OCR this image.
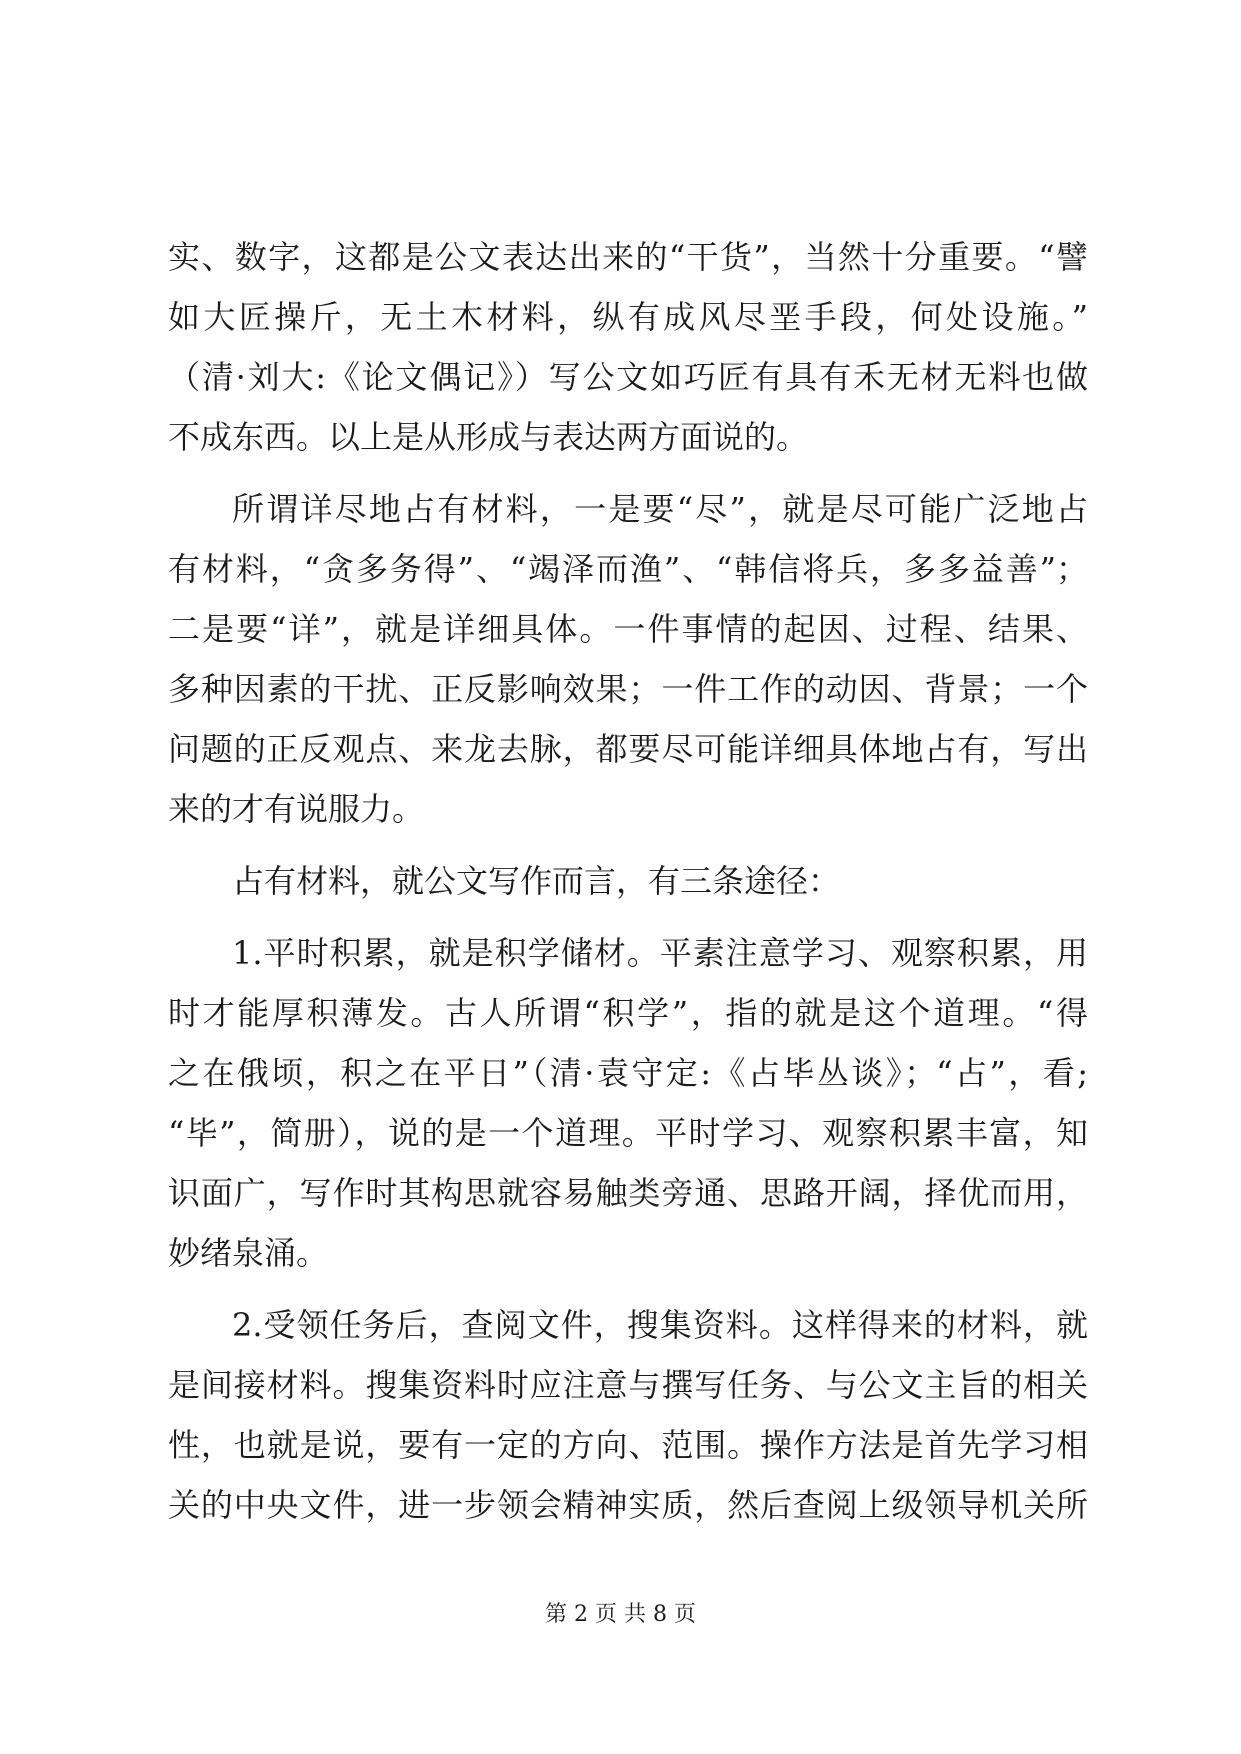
实、数字，这都是公文表达出来的“干货”，当然十分重要。“譬
如大匠操斤，无土木材料，纵有成风尽垩手段，何处设施。”
（清·刘大:《论文偶记》）写公文如巧匠有具有禾无材无料也做
不成东西。以上是从形成与表达两方面说的。
所谓详尽地占有材料，一是要“尽”，就是尽可能广泛地占
有材料，“贪多务得”、“竭泽而渔”、“韩信将兵，多多益善”；
二是要“详”，就是详细具体。一件事情的起因、过程、结果、
多种因素的干扰、正反影响效果；一件工作的动因、背景；一个
问题的正反观点、来龙去脉，都要尽可能详细具体地占有，写出
来的才有说服力。
占有材料，就公文写作而言，有三条途径：
1.平时积累，就是积学储材。平素注意学习、观察积累，用
时才能厚积薄发。古人所谓“积学”，指的就是这个道理。“得
之在俄顷，积之在平日”（清·袁守定:《占毕丛谈》；“占”，看;
“毕”，简册），说的是一个道理。平时学习、观察积累丰富，知
识面广，写作时其构思就容易触类旁通、思路开阔，择优而用，
妙绪泉涌。
2.受领任务后，查阅文件，搜集资料。这样得来的材料，就
是间接材料。搜集资料时应注意与撰写任务、与公文主旨的相关
性，也就是说，要有一定的方向、范围。操作方法是首先学习相
关的中央文件，进一步领会精神实质，然后查阅上级领导机关所
第 2 页 共 8 页
